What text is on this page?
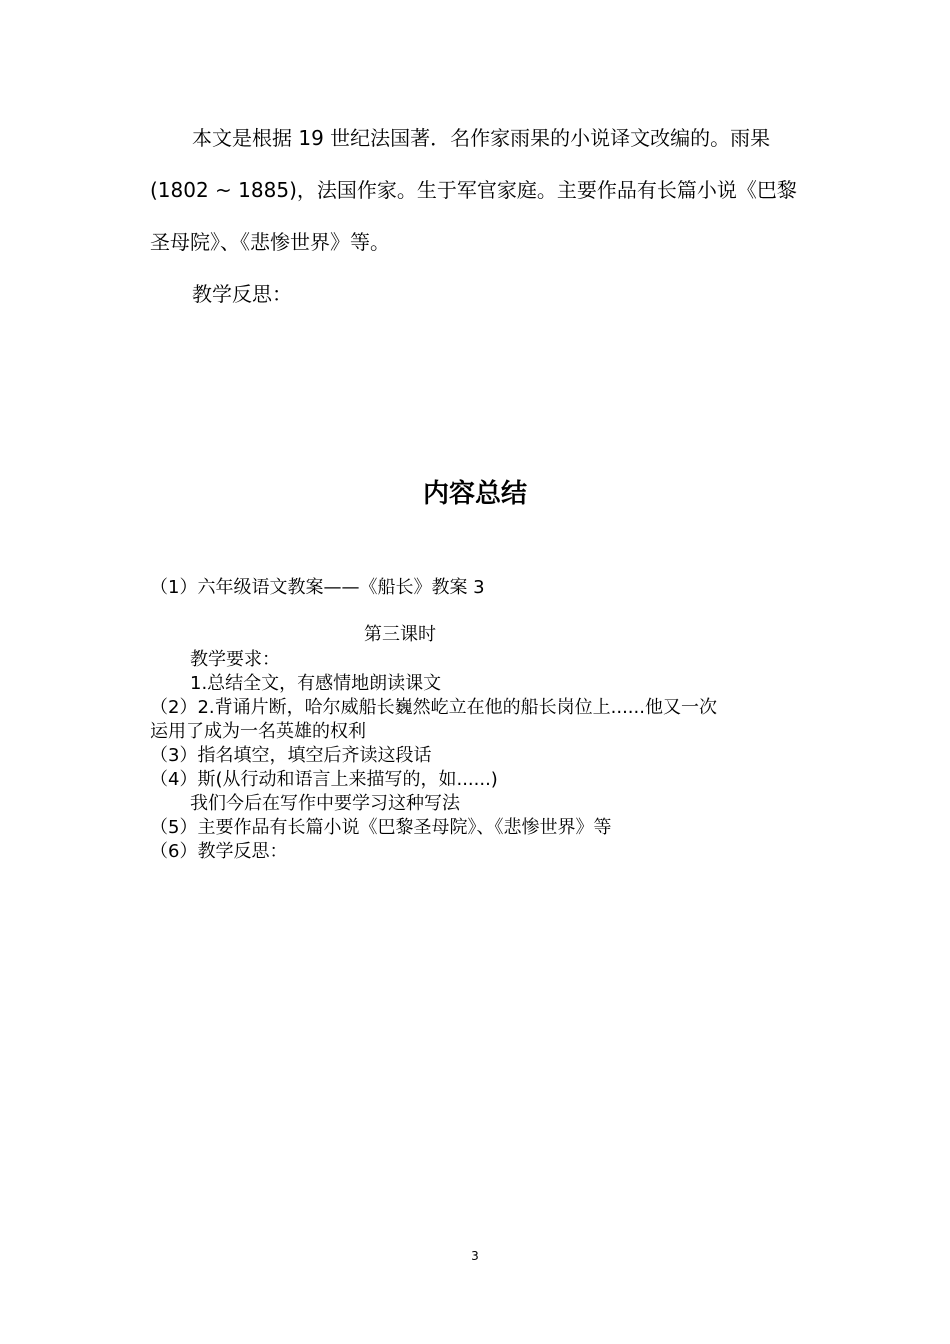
本文是根据 19 世纪法国著．名作家雨果的小说译文改编的。雨果(1802 ~ 1885)，法国作家。生于军官家庭。主要作品有长篇小说《巴黎圣母院》、《悲惨世界》等。

教学反思：

内容总结

（1）六年级语文教案——《船长》教案 3

第三课时

教学要求：

1.总结全文，有感情地朗读课文

（2）2.背诵片断，哈尔威船长巍然屹立在他的船长岗位上......他又一次

运用了成为一名英雄的权利

（3）指名填空，填空后齐读这段话

（4）斯(从行动和语言上来描写的，如......)

我们今后在写作中要学习这种写法

（5）主要作品有长篇小说《巴黎圣母院》、《悲惨世界》等

（6）教学反思：

3
